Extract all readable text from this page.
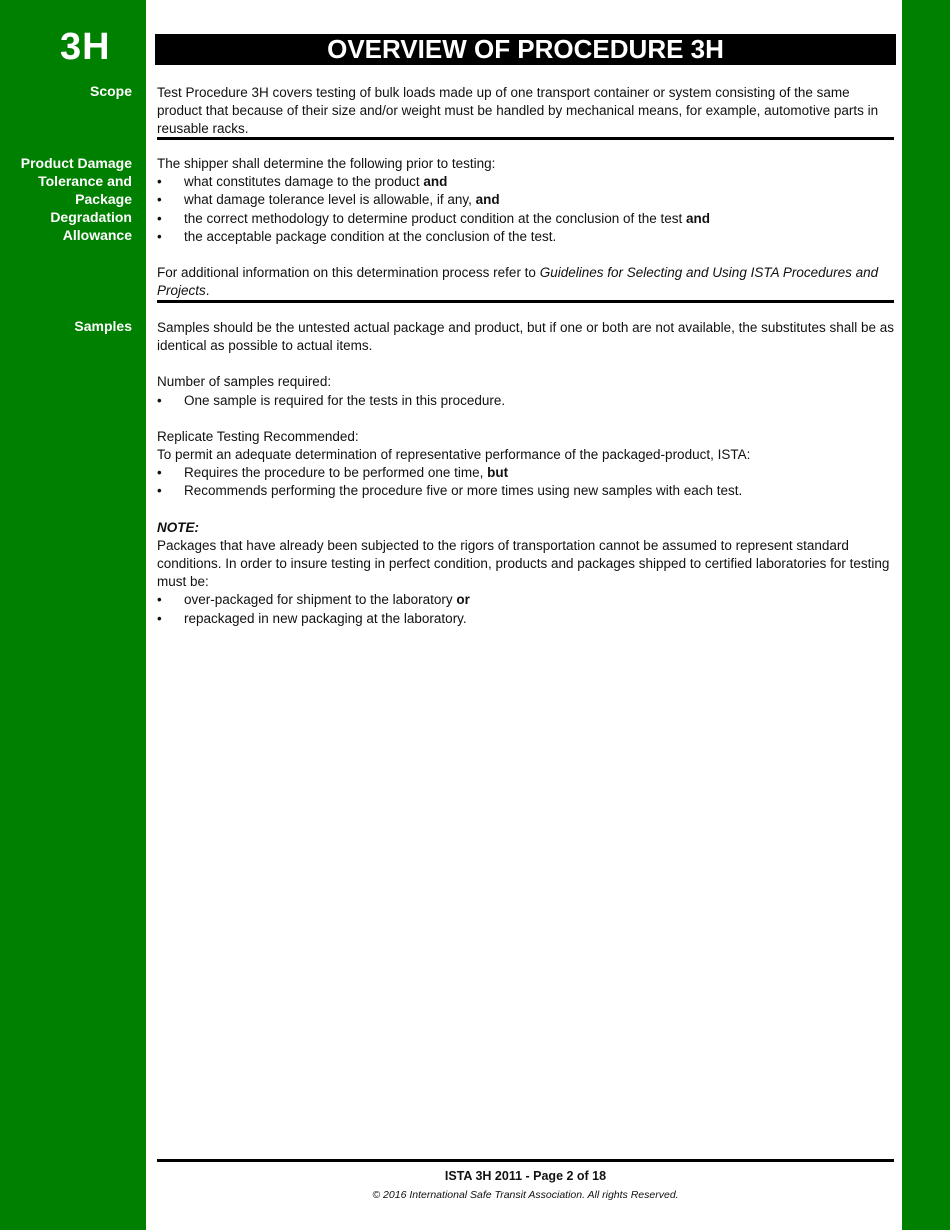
3H
Scope
Product Damage
Tolerance and
Package
Degradation
Allowance
Samples
OVERVIEW OF PROCEDURE 3H

Test Procedure 3H covers testing of bulk loads made up of one transport container or system consisting of the same product that because of their size and/or weight must be handled by mechanical means, for example, automotive parts in reusable racks.

The shipper shall determine the following prior to testing:

• what constitutes damage to the product and
• what damage tolerance level is allowable, if any, and
• the correct methodology to determine product condition at the conclusion of the test and
• the acceptable package condition at the conclusion of the test.

For additional information on this determination process refer to Guidelines for Selecting and Using ISTA Procedures and Projects.

Samples should be the untested actual package and product, but if one or both are not available, the substitutes shall be as identical as possible to actual items.

Number of samples required:

• One sample is required for the tests in this procedure.

Replicate Testing Recommended:

To permit an adequate determination of representative performance of the packaged-product, ISTA:

• Requires the procedure to be performed one time, but
• Recommends performing the procedure five or more times using new samples with each test.

NOTE:

Packages that have already been subjected to the rigors of transportation cannot be assumed to represent standard conditions. In order to insure testing in perfect condition, products and packages shipped to certified laboratories for testing must be:

• over-packaged for shipment to the laboratory or
• repackaged in new packaging at the laboratory.
ISTA 3H 2011 - Page 2 of 18
© 2016 International Safe Transit Association. All rights Reserved.
